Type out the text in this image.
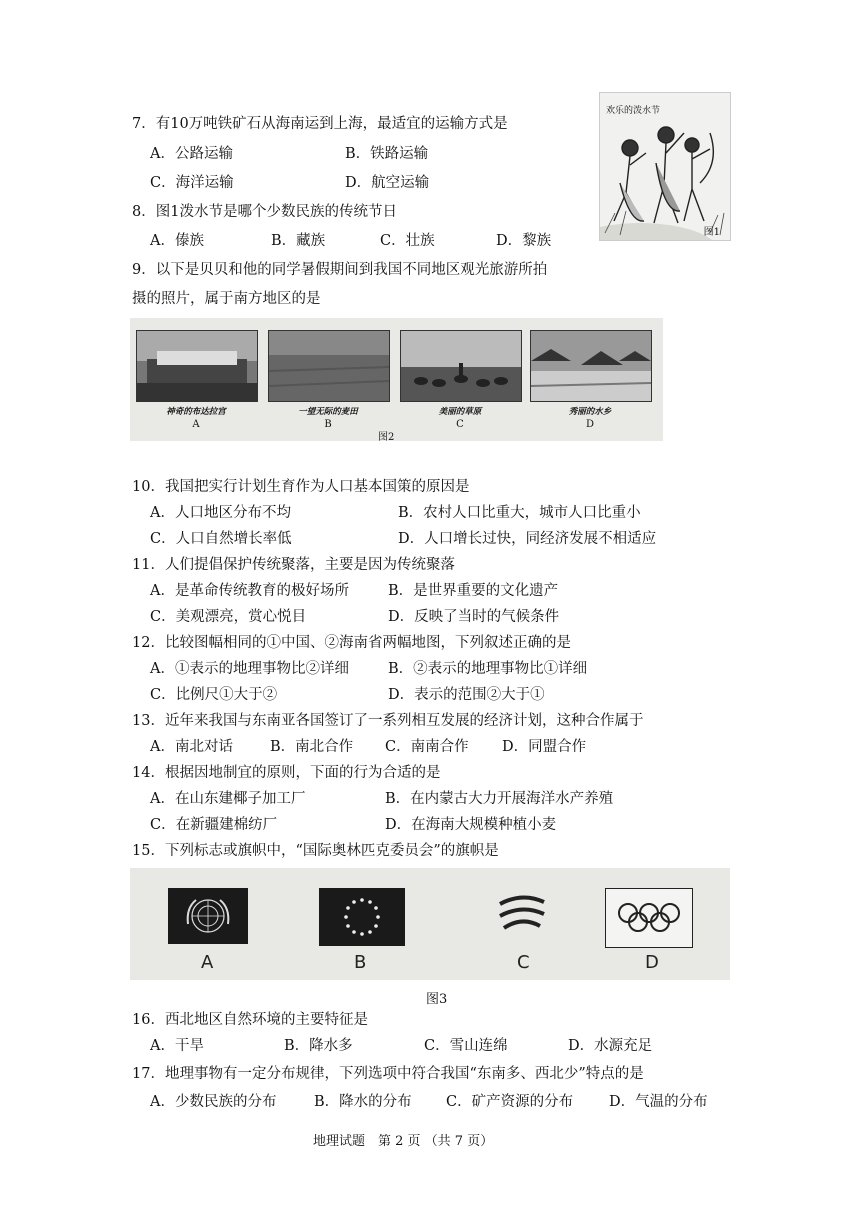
7．有10万吨铁矿石从海南运到上海，最适宜的运输方式是
A．公路运输	B．铁路运输
C．海洋运输	D．航空运输
欢乐的泼水节
图1
8．图1泼水节是哪个少数民族的传统节日
A．傣族	B．藏族	C．壮族	D．黎族
9．以下是贝贝和他的同学暑假期间到我国不同地区观光旅游所拍
摄的照片，属于南方地区的是
神奇的布达拉宫
A
一望无际的麦田
B
美丽的草原
C
秀丽的水乡
D
图2
10．我国把实行计划生育作为人口基本国策的原因是
A．人口地区分布不均	B．农村人口比重大，城市人口比重小
C．人口自然增长率低	D．人口增长过快，同经济发展不相适应
11．人们提倡保护传统聚落，主要是因为传统聚落
A．是革命传统教育的极好场所	B．是世界重要的文化遗产
C．美观漂亮，赏心悦目	D．反映了当时的气候条件
12．比较图幅相同的①中国、②海南省两幅地图，下列叙述正确的是
A．①表示的地理事物比②详细	B．②表示的地理事物比①详细
C．比例尺①大于②	D．表示的范围②大于①
13．近年来我国与东南亚各国签订了一系列相互发展的经济计划，这种合作属于
A．南北对话	B．南北合作 C．南南合作 D．同盟合作
14．根据因地制宜的原则，下面的行为合适的是
A．在山东建椰子加工厂	B．在内蒙古大力开展海洋水产养殖
C．在新疆建棉纺厂	D．在海南大规模种植小麦
15．下列标志或旗帜中，“国际奥林匹克委员会”的旗帜是
A	B	C	D
图3
16．西北地区自然环境的主要特征是
A．干旱	B．降水多	C．雪山连绵	D．水源充足
17．地理事物有一定分布规律，下列选项中符合我国“东南多、西北少”特点的是
A．少数民族的分布	B．降水的分布 C．矿产资源的分布 D．气温的分布
地理试题　第 2 页 （共 7 页）
